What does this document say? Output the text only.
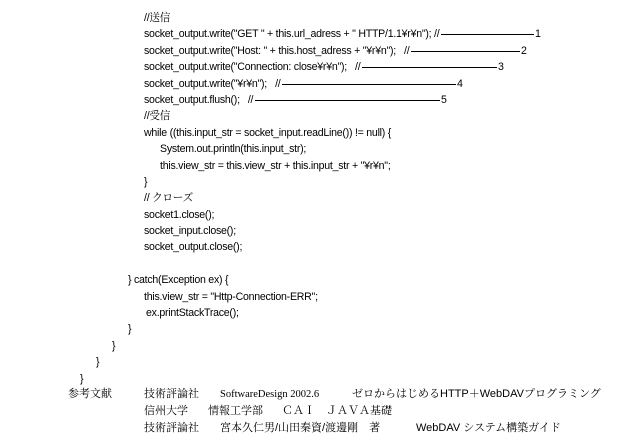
//送信
socket_output.write("GET " + this.url_adress + " HTTP/1.1¥r¥n"); //	1
socket_output.write("Host: " + this.host_adress + "¥r¥n");   //	2
socket_output.write("Connection: close¥r¥n");   //	3
socket_output.write("¥r¥n");   //	4
socket_output.flush();   //	5
//受信
while ((this.input_str = socket_input.readLine()) != null) {
System.out.println(this.input_str);
this.view_str = this.view_str + this.input_str + "¥r¥n";
}
// クローズ
socket1.close();
socket_input.close();
socket_output.close();
} catch(Exception ex) {
this.view_str = "Http-Connection-ERR";
ex.printStackTrace();
}
}
}
}
参考文献	技術評論社 SoftwareDesign 2002.6	ゼロからはじめるHTTP＋WebDAVプログラミング
信州大学 情報工学部 ＣＡＩ　ＪＡＶＡ基礎
技術評論社 宮本久仁男/山田秦資/渡邊剛　著	WebDAV システム構築ガイド
